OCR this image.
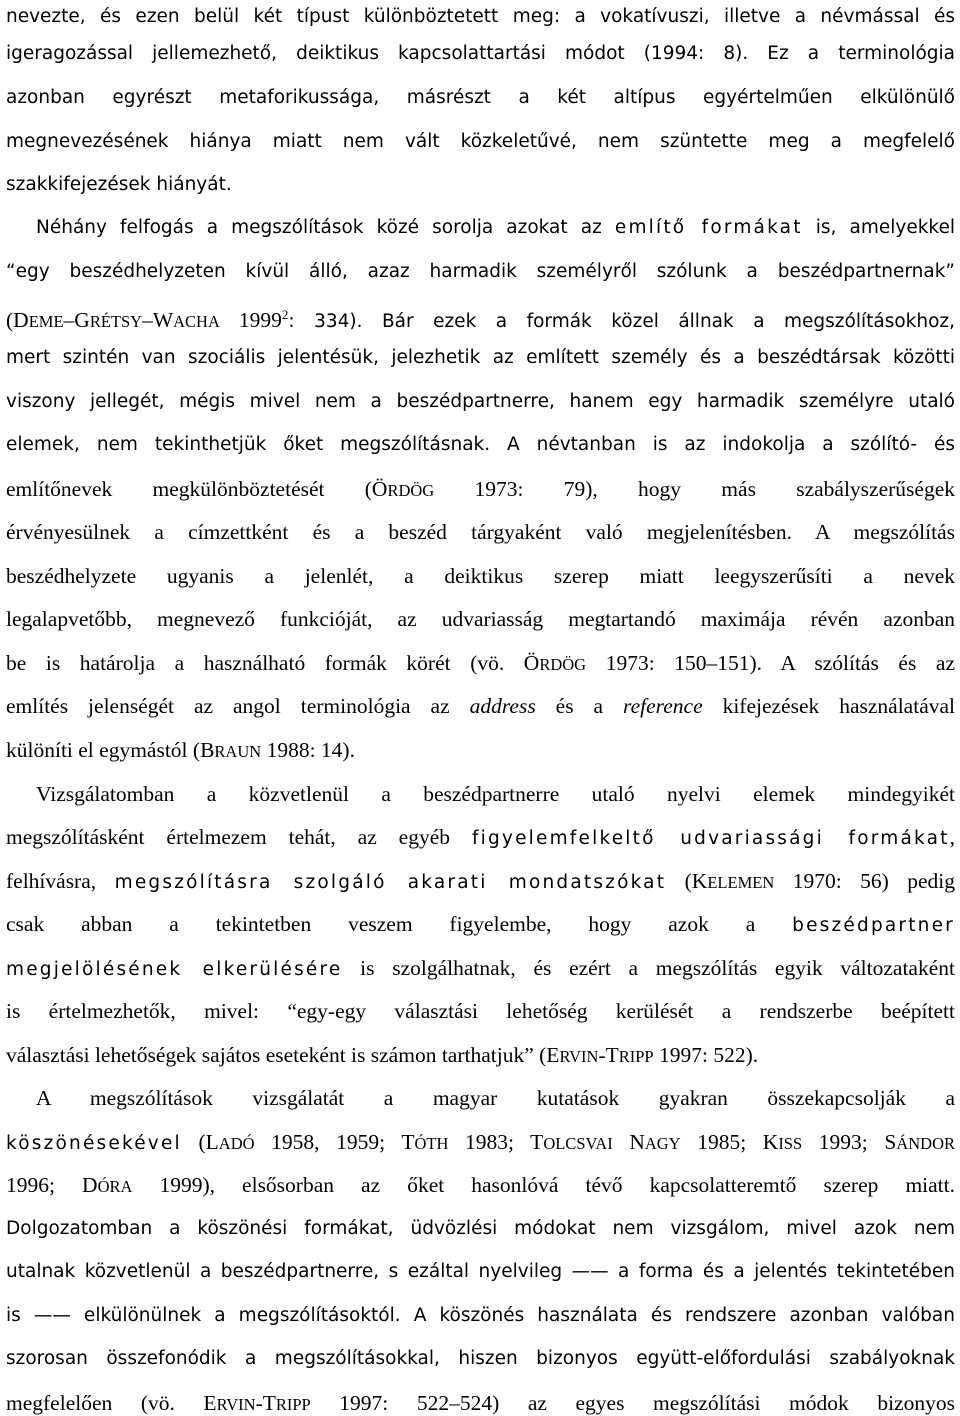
nevezte, és ezen belül két típust különböztetett meg: a vokatívuszi, illetve a névmással és
igeragozással jellemezhető, deiktikus kapcsolattartási módot (1994: 8). Ez a terminológia
azonban egyrészt metaforikussága, másrészt a két altípus egyértelműen elkülönülő
megnevezésének hiánya miatt nem vált közkeletűvé, nem szüntette meg a megfelelő
szakkifejezések hiányát.
Néhány felfogás a megszólítások közé sorolja azokat az említő formákat is, amelyekkel
“egy beszédhelyzeten kívül álló, azaz harmadik személyről szólunk a beszédpartnernak”
(DEME–GRÉTSY–WACHA 1999$^2$: 334). Bár ezek a formák közel állnak a megszólításokhoz,
mert szintén van szociális jelentésük, jelezhetik az említett személy és a beszédtársak közötti
viszony jellegét, mégis mivel nem a beszédpartnerre, hanem egy harmadik személyre utaló
elemek, nem tekinthetjük őket megszólításnak. A névtanban is az indokolja a szólító- és
említőnevek megkülönböztetését (ÖRDÖG 1973: 79), hogy más szabályszerűségek
érvényesülnek a címzettként és a beszéd tárgyaként való megjelenítésben. A megszólítás
beszédhelyzete ugyanis a jelenlét, a deiktikus szerep miatt leegyszerűsíti a nevek
legalapvetőbb, megnevező funkcióját, az udvariasság megtartandó maximája révén azonban
be is határolja a használható formák körét (vö. ÖRDÖG 1973: 150–151). A szólítás és az
említés jelenségét az angol terminológia az address és a reference kifejezések használatával
különíti el egymástól (BRAUN 1988: 14).
Vizsgálatomban a közvetlenül a beszédpartnerre utaló nyelvi elemek mindegyikét
megszólításként értelmezem tehát, az egyéb figyelemfelkeltő udvariassági formákat,
felhívásra, megszólításra szolgáló akarati mondatszókat (KELEMEN 1970: 56) pedig
csak abban a tekintetben veszem figyelembe, hogy azok a beszédpartner
megjelölésének elkerülésére is szolgálhatnak, és ezért a megszólítás egyik változataként
is értelmezhetők, mivel: “egy-egy választási lehetőség kerülését a rendszerbe beépített
választási lehetőségek sajátos eseteként is számon tarthatjuk” (ERVIN-TRIPP 1997: 522).
A megszólítások vizsgálatát a magyar kutatások gyakran összekapcsolják a
köszönésekével (LADÓ 1958, 1959; TÓTH 1983; TOLCSVAI NAGY 1985; KISS 1993; SÁNDOR
1996; DÓRA 1999), elsősorban az őket hasonlóvá tévő kapcsolatteremtő szerep miatt.
Dolgozatomban a köszönési formákat, üdvözlési módokat nem vizsgálom, mivel azok nem
utalnak közvetlenül a beszédpartnerre, s ezáltal nyelvileg —— a forma és a jelentés tekintetében
is —— elkülönülnek a megszólításoktól. A köszönés használata és rendszere azonban valóban
szorosan összefonódik a megszólításokkal, hiszen bizonyos együtt-előfordulási szabályoknak
megfelelően (vö. ERVIN-TRIPP 1997: 522–524) az egyes megszólítási módok bizonyos
